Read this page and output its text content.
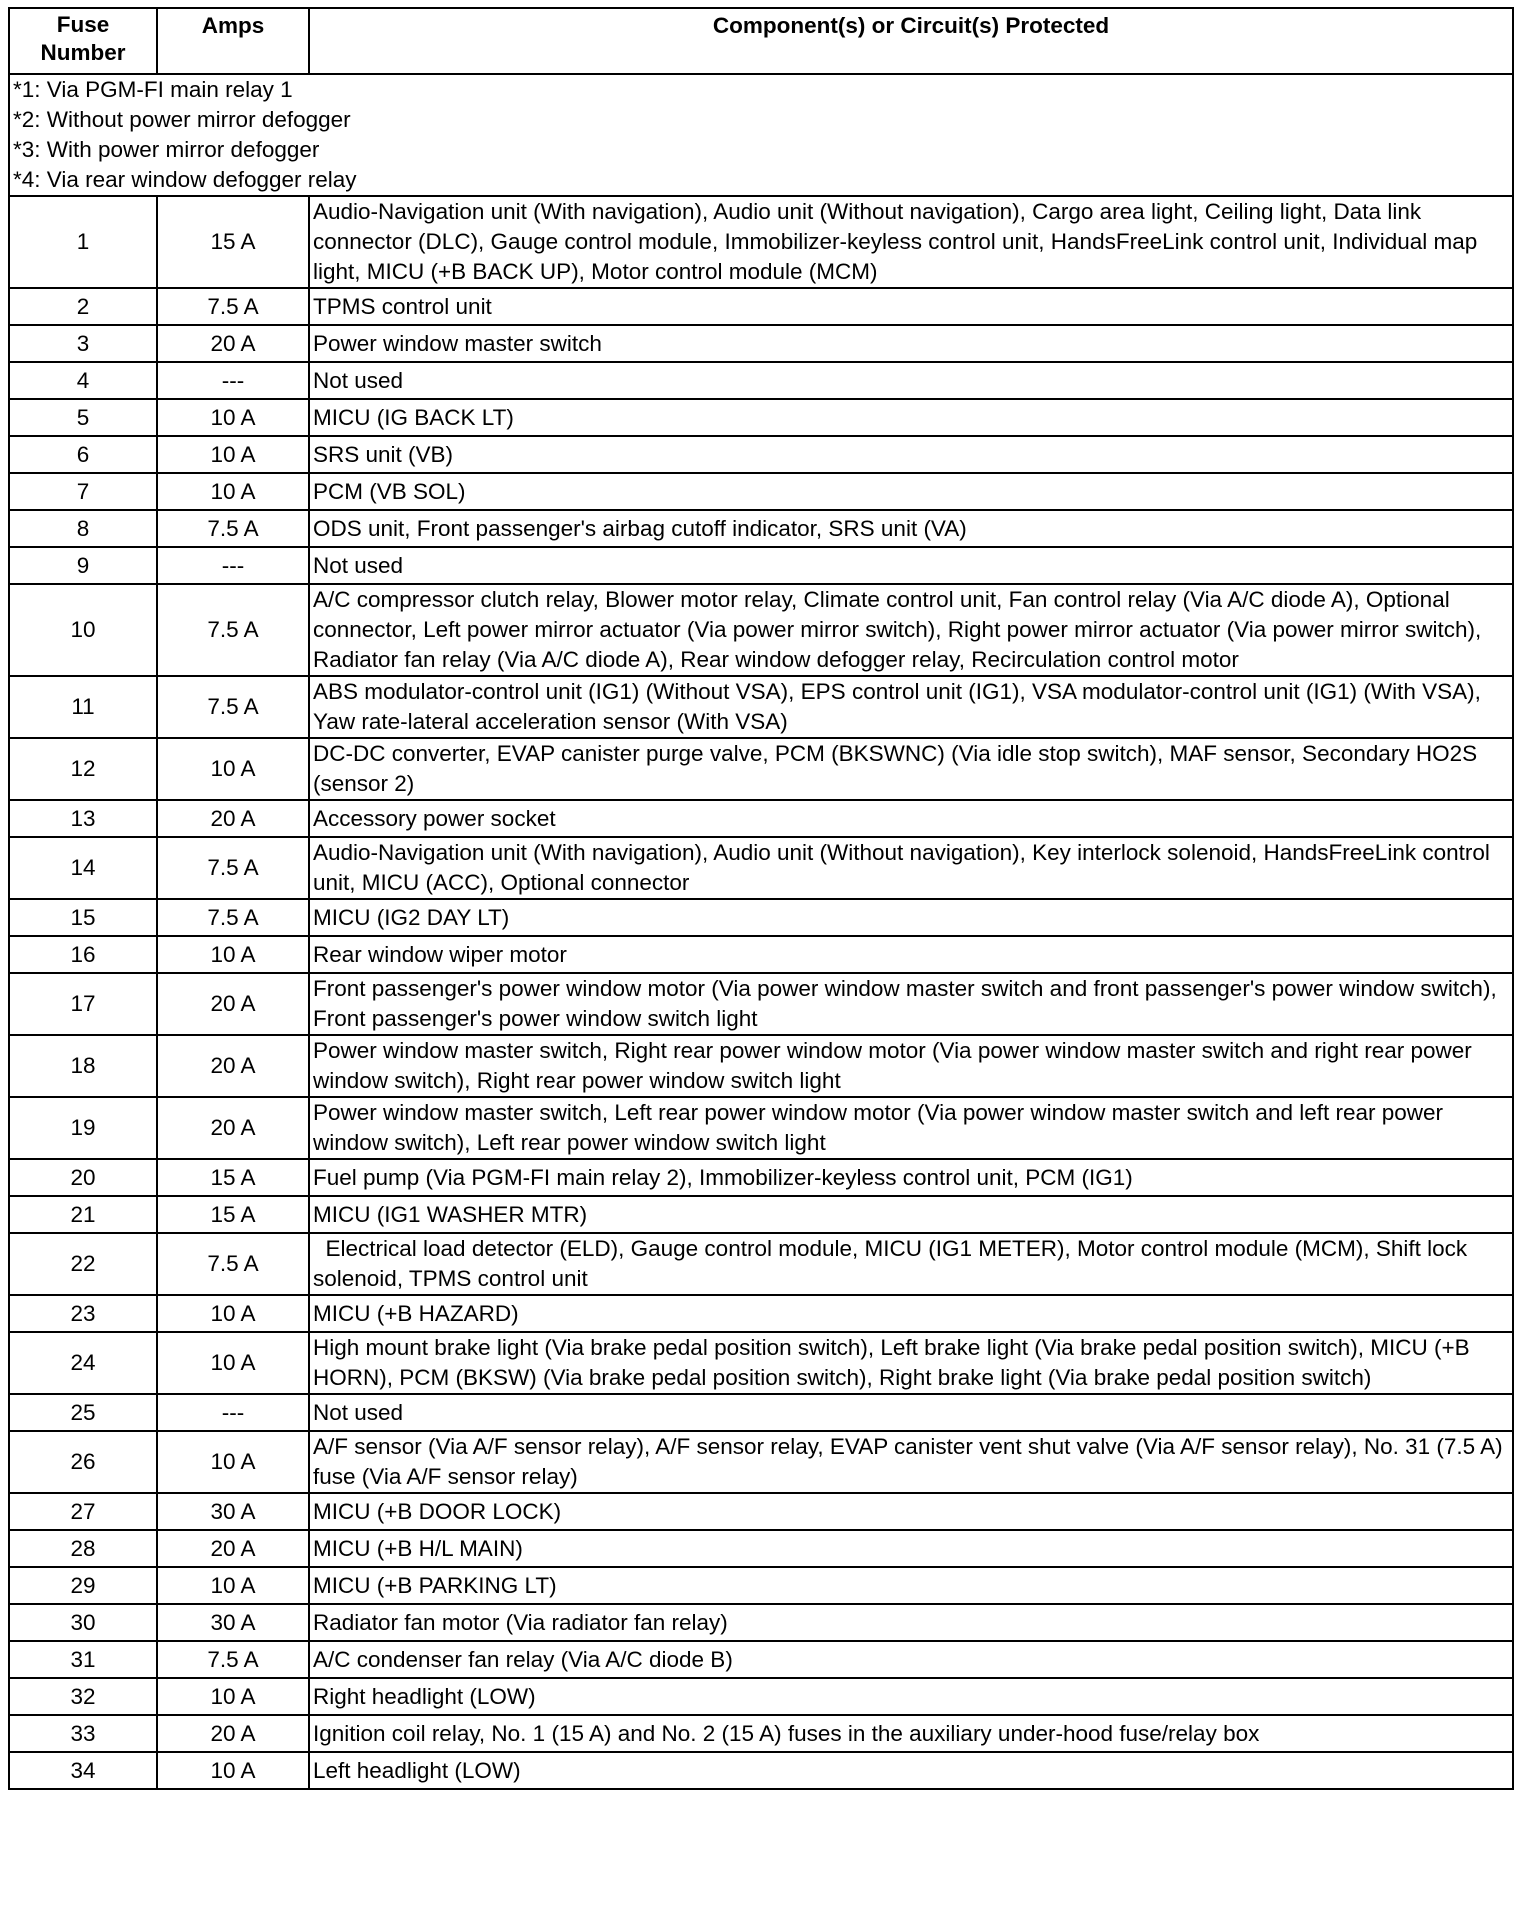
Fuse
Number	Amps	Component(s) or Circuit(s) Protected

*1: Via PGM-FI main relay 1
*2: Without power mirror defogger
*3: With power mirror defogger
*4: Via rear window defogger relay		

1	15 A	Audio-Navigation unit (With navigation), Audio unit (Without navigation), Cargo area light, Ceiling light, Data link connector (DLC), Gauge control module, Immobilizer-keyless control unit, HandsFreeLink control unit, Individual map light, MICU (+B BACK UP), Motor control module (MCM)
2	7.5 A	TPMS control unit
3	20 A	Power window master switch
4	---	Not used
5	10 A	MICU (IG BACK LT)
6	10 A	SRS unit (VB)
7	10 A	PCM (VB SOL)
8	7.5 A	ODS unit, Front passenger's airbag cutoff indicator, SRS unit (VA)
9	---	Not used
10	7.5 A	A/C compressor clutch relay, Blower motor relay, Climate control unit, Fan control relay (Via A/C diode A), Optional connector, Left power mirror actuator (Via power mirror switch), Right power mirror actuator (Via power mirror switch), Radiator fan relay (Via A/C diode A), Rear window defogger relay, Recirculation control motor
11	7.5 A	ABS modulator-control unit (IG1) (Without VSA), EPS control unit (IG1), VSA modulator-control unit (IG1) (With VSA), Yaw rate-lateral acceleration sensor (With VSA)
12	10 A	DC-DC converter, EVAP canister purge valve, PCM (BKSWNC) (Via idle stop switch), MAF sensor, Secondary HO2S (sensor 2)
13	20 A	Accessory power socket
14	7.5 A	Audio-Navigation unit (With navigation), Audio unit (Without navigation), Key interlock solenoid, HandsFreeLink control unit, MICU (ACC), Optional connector
15	7.5 A	MICU (IG2 DAY LT)
16	10 A	Rear window wiper motor
17	20 A	Front passenger's power window motor (Via power window master switch and front passenger's power window switch), Front passenger's power window switch light
18	20 A	Power window master switch, Right rear power window motor (Via power window master switch and right rear power window switch), Right rear power window switch light
19	20 A	Power window master switch, Left rear power window motor (Via power window master switch and left rear power window switch), Left rear power window switch light
20	15 A	Fuel pump (Via PGM-FI main relay 2), Immobilizer-keyless control unit, PCM (IG1)
21	15 A	MICU (IG1 WASHER MTR)
22	7.5 A	Electrical load detector (ELD), Gauge control module, MICU (IG1 METER), Motor control module (MCM), Shift lock solenoid, TPMS control unit
23	10 A	MICU (+B HAZARD)
24	10 A	High mount brake light (Via brake pedal position switch), Left brake light (Via brake pedal position switch), MICU (+B HORN), PCM (BKSW) (Via brake pedal position switch), Right brake light (Via brake pedal position switch)
25	---	Not used
26	10 A	A/F sensor (Via A/F sensor relay), A/F sensor relay, EVAP canister vent shut valve (Via A/F sensor relay), No. 31 (7.5 A) fuse (Via A/F sensor relay)
27	30 A	MICU (+B DOOR LOCK)
28	20 A	MICU (+B H/L MAIN)
29	10 A	MICU (+B PARKING LT)
30	30 A	Radiator fan motor (Via radiator fan relay)
31	7.5 A	A/C condenser fan relay (Via A/C diode B)
32	10 A	Right headlight (LOW)
33	20 A	Ignition coil relay, No. 1 (15 A) and No. 2 (15 A) fuses in the auxiliary under-hood fuse/relay box
34	10 A	Left headlight (LOW)
